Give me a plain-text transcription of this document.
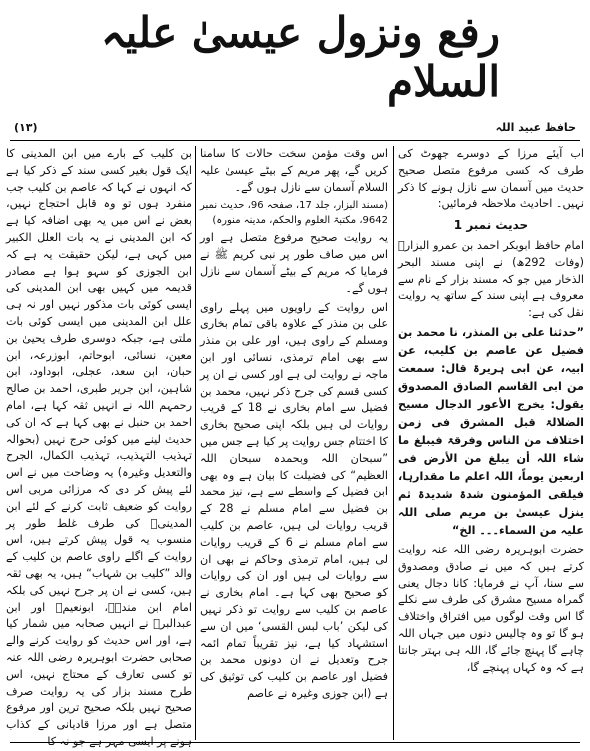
رفع ونزول عیسیٰ علیہ السلام
(۱۳)	حافظ عبید اللہ

اب آیئے مرزا کے دوسرے جھوٹ کی طرف کہ کسی مرفوع متصل صحیح حدیث میں آسمان سے نازل ہونے کا ذکر نہیں۔ احادیث ملاحظہ فرمائیں:

حدیث نمبر 1

امام حافظ ابوبکر احمد بن عمرو البزارؒ (وفات 292ھ) نے اپنی مسند البحر الذخار میں جو کہ مسند بزار کے نام سے معروف ہے اپنی سند کے ساتھ یہ روایت نقل کی ہے:

”حدثنا علی بن المنذر، نا محمد بن فضیل عن عاصم بن کلیب، عن ابیہ، عن ابی ہریرۃ قال: سمعت من ابی القاسم الصادق المصدوق یقول: یخرج الأعور الدجال مسیح الضلالۃ قبل المشرق فی زمن اختلاف من الناس وفرقۃ فیبلغ ما شاء اللہ أن یبلغ من الأرض فی اربعین یوماً، اللہ اعلم ما مقدارہا، فیلقی المؤمنون شدۃ شدیدۃ ثم ینزل عیسیٰ بن مریم صلی اللہ علیہ من السماء۔۔۔ الخ“

حضرت ابوہریرہ رضی اللہ عنہ روایت کرتے ہیں کہ میں نے صادق ومصدوق سے سنا، آپ نے فرمایا: کانا دجال یعنی گمراہ مسیح مشرق کی طرف سے نکلے گا اس وقت لوگوں میں افتراق واختلاف ہو گا تو وہ چالیس دنوں میں جہاں اللہ چاہے گا پہنچ جائے گا، اللہ ہی بہتر جانتا ہے کہ وہ کہاں پہنچے گا،

اس وقت مؤمن سخت حالات کا سامنا کریں گے، پھر مریم کے بیٹے عیسیٰ علیہ السلام آسمان سے نازل ہوں گے۔

(مسند البزار، جلد 17، صفحہ 96، حدیث نمبر 9642، مکتبۃ العلوم والحکم، مدینہ منورہ)

یہ روایت صحیح مرفوع متصل ہے اور اس میں صاف طور پر نبی کریم ﷺ نے فرمایا کہ مریم کے بیٹے آسمان سے نازل ہوں گے۔

اس روایت کے راویوں میں پہلے راوی علی بن منذر کے علاوہ باقی تمام بخاری ومسلم کے راوی ہیں، اور علی بن منذر سے بھی امام ترمذی، نسائی اور ابن ماجہ نے روایت لی ہے اور کسی نے ان پر کسی قسم کی جرح ذکر نہیں، محمد بن فضیل سے امام بخاری نے 18 کے قریب روایات لی ہیں بلکہ اپنی صحیح بخاری کا اختتام جس روایت پر کیا ہے جس میں ”سبحان اللہ وبحمدہ سبحان اللہ العظیم“ کی فضیلت کا بیان ہے وہ بھی ابن فضیل کے واسطے سے ہے، نیز محمد بن فضیل سے امام مسلم نے 28 کے قریب روایات لی ہیں، عاصم بن کلیب سے امام مسلم نے 6 کے قریب روایات لی ہیں، امام ترمذی وحاکم نے بھی ان سے روایات لی ہیں اور ان کی روایات کو صحیح بھی کہا ہے۔ امام بخاری نے عاصم بن کلیب سے روایت تو ذکر نہیں کی لیکن ’باب لبس القسی‘ میں ان سے استشہاد کیا ہے، نیز تقریباً تمام ائمہ جرح وتعدیل نے ان دونوں محمد بن فضیل اور عاصم بن کلیب کی توثیق کی ہے (ابن جوزی وغیرہ نے عاصم

بن کلیب کے بارے میں ابن المدینی کا ایک قول بغیر کسی سند کے ذکر کیا ہے کہ انہوں نے کہا کہ عاصم بن کلیب جب منفرد ہوں تو وہ قابل احتجاج نہیں، بعض نے اس میں یہ بھی اضافہ کیا ہے کہ ابن المدینی نے یہ بات العلل الکبیر میں کہی ہے، لیکن حقیقت یہ ہے کہ ابن الجوزی کو سہو ہوا ہے مصادر قدیمہ میں کہیں بھی ابن المدینی کی ایسی کوئی بات مذکور نہیں اور نہ ہی علل ابن المدینی میں ایسی کوئی بات ملتی ہے، جبکہ دوسری طرف یحییٰ بن معین، نسائی، ابوحاتم، ابوزرعہ، ابن حبان، ابن سعد، عجلی، ابوداود، ابن شاہین، ابن جریر طبری، احمد بن صالح رحمہم اللہ نے انہیں ثقہ کہا ہے، امام احمد بن حنبل نے بھی کہا ہے کہ ان کی حدیث لینے میں کوئی حرج نہیں (بحوالہ تہذیب التہذیب، تہذیب الکمال، الجرح والتعدیل وغیرہ) یہ وضاحت میں نے اس لئے پیش کر دی کہ مرزائی مربی اس روایت کو ضعیف ثابت کرنے کے لئے ابن المدینیؒ کی طرف غلط طور پر منسوب یہ قول پیش کرتے ہیں، اس روایت کے اگلے راوی عاصم بن کلیب کے والد ”کلیب بن شہاب“ ہیں، یہ بھی ثقہ ہیں، کسی نے ان پر جرح نہیں کی بلکہ امام ابن مندہؒ، ابونعیمؒ اور ابن عبدالبرؒ نے انہیں صحابہ میں شمار کیا ہے، اور اس حدیث کو روایت کرنے والے صحابی حضرت ابوہریرہ رضی اللہ عنہ تو کسی تعارف کے محتاج نہیں، اس طرح مسند بزار کی یہ روایت صرف صحیح نہیں بلکہ صحیح ترین اور مرفوع متصل ہے اور مرزا قادیانی کے کذاب ہونے پر ایسی مہر ہے جو نہ کا
